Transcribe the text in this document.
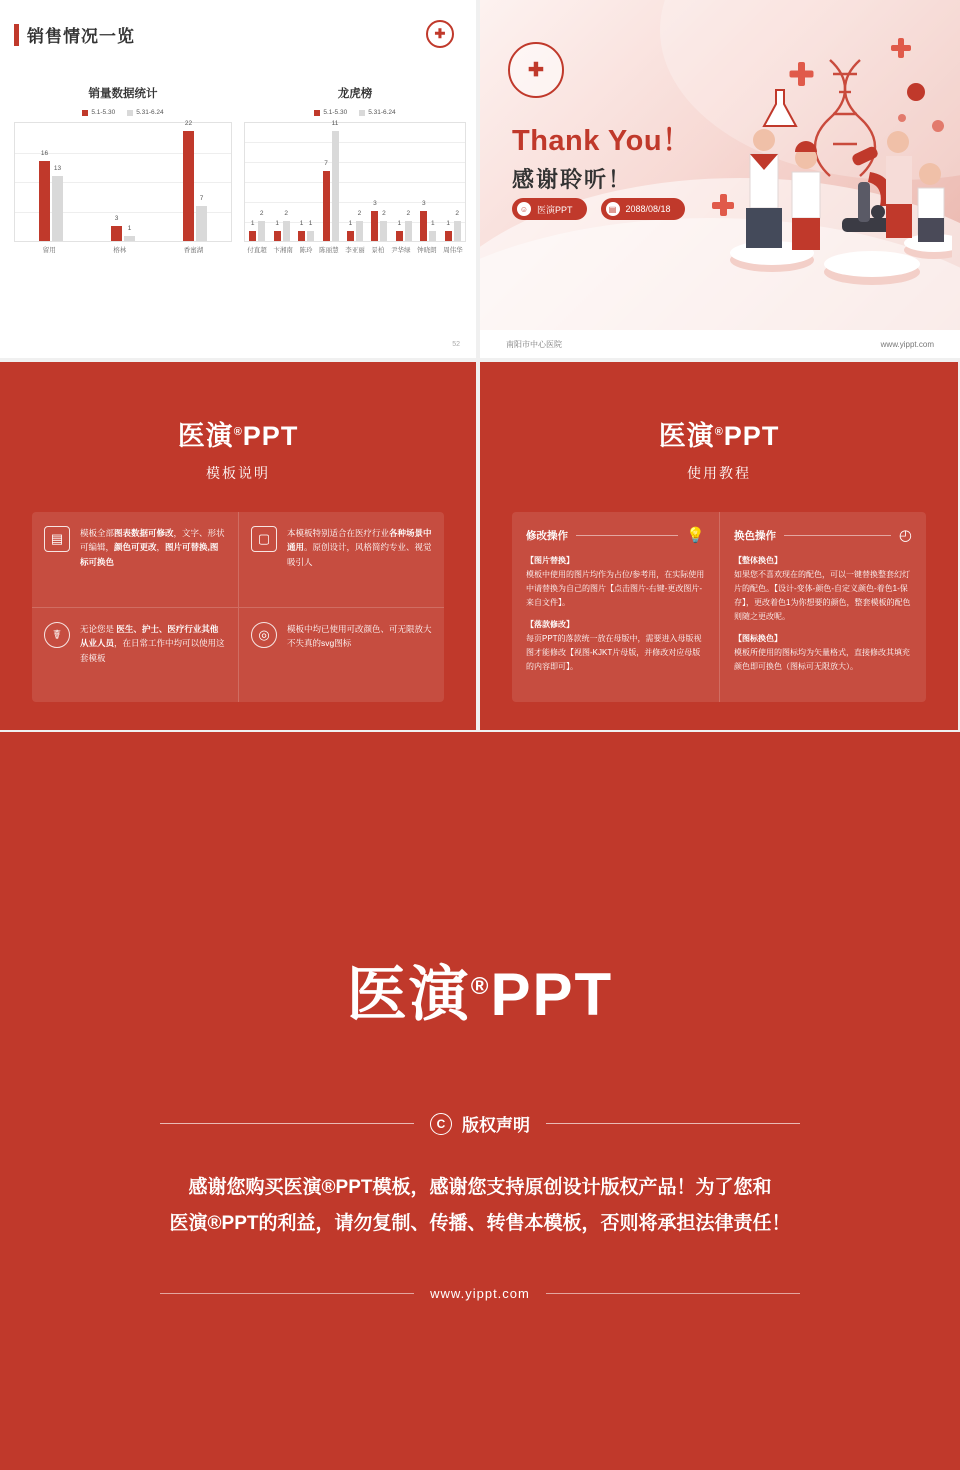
销售情况一览	✚
销量数据统计
5.1-5.30	5.31-6.24
16
13
3
1
22
7
留用	榕林	香蜜湖
龙虎榜
5.1-5.30	5.31-6.24
1
2
1
2
1 1
7
11
1
2
3
2
1
2
3
1 1
2
付直超 卞湘南 陈玲 陈丽慧 李亚丽 景柏 尹华绿 钟晓朗 周伟华
52
✚
Thank You！
感谢聆听！
☺ 医演PPT	▤	2088/08/18
南阳市中心医院	www.yippt.com
医演®PPT
模板说明
▤	模板全部图表数据可修改，文字、形状可编辑，颜色可更改，图片可替换,图标可换色
▢	本模板特别适合在医疗行业各种场景中通用。原创设计，风格简约专业、视觉吸引人
☤	无论您是 医生、护士、医疗行业其他从业人员，在日常工作中均可以使用这套模板
◎	模板中均已使用可改颜色、可无限放大不失真的svg图标
医演®PPT
使用教程
修改操作	💡

【图片替换】
模板中使用的图片均作为占位/参考用，在实际使用中请替换为自己的图片【点击图片-右键-更改图片-来自文件】。

【落款修改】
每页PPT的落款统一放在母版中，需要进入母版视图才能修改【视图-KJKT片母版，并修改对应母版的内容即可】。

换色操作	◴

【整体换色】
如果您不喜欢现在的配色，可以一键替换整套幻灯片的配色。【设计-变体-颜色-自定义颜色-着色1-保存】，更改着色1为你想要的颜色，整套模板的配色则随之更改呢。

【图标换色】
模板所使用的图标均为矢量格式，直接修改其填充颜色即可换色（图标可无限放大）。

医演®PPT
C 版权声明
感谢您购买医演®PPT模板，感谢您支持原创设计版权产品！为了您和
医演®PPT的利益，请勿复制、传播、转售本模板，否则将承担法律责任！
www.yippt.com
